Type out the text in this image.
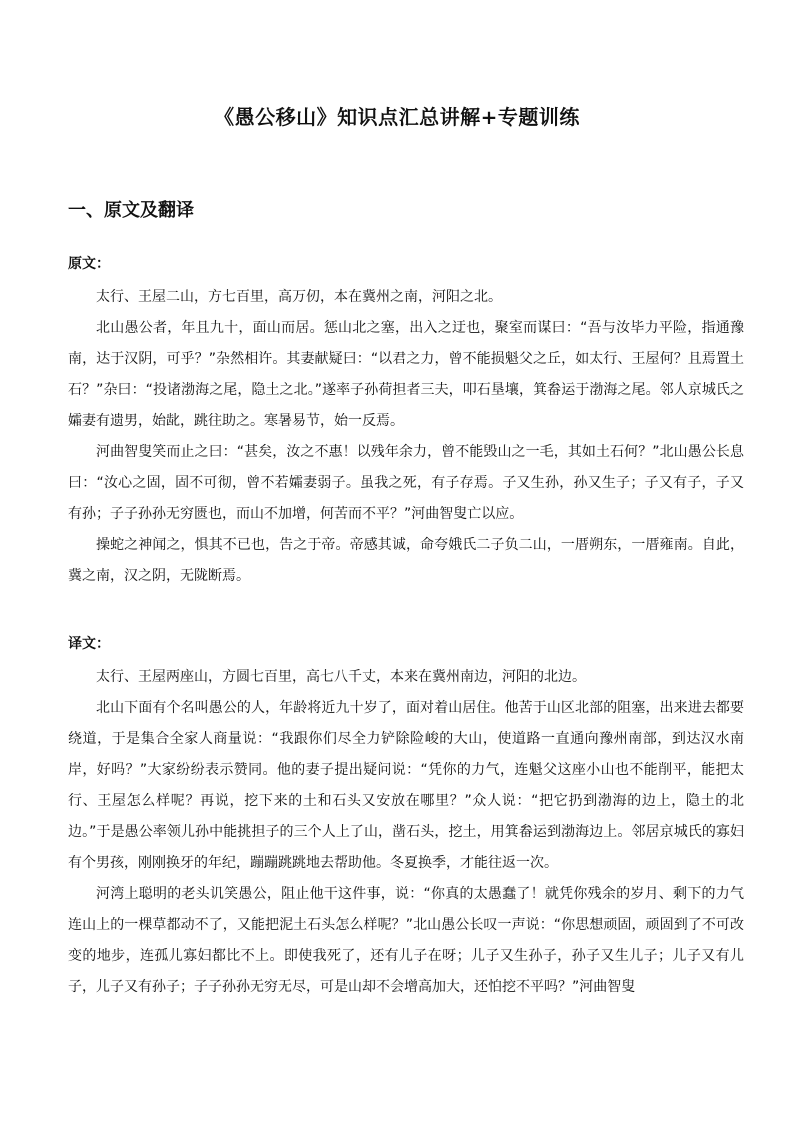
《愚公移山》知识点汇总讲解+专题训练
一、原文及翻译

原文：

太行、王屋二山，方七百里，高万仞，本在冀州之南，河阳之北。

北山愚公者，年且九十，面山而居。惩山北之塞，出入之迂也，聚室而谋曰：“吾与汝毕力平险，指通豫南，达于汉阴，可乎？”杂然相许。其妻献疑曰：“以君之力，曾不能损魁父之丘，如太行、王屋何？且焉置土石？”杂曰：“投诸渤海之尾，隐土之北。”遂率子孙荷担者三夫，叩石垦壤，箕畚运于渤海之尾。邻人京城氏之孀妻有遗男，始龀，跳往助之。寒暑易节，始一反焉。

河曲智叟笑而止之曰：“甚矣，汝之不惠！以残年余力，曾不能毁山之一毛，其如土石何？”北山愚公长息曰：“汝心之固，固不可彻，曾不若孀妻弱子。虽我之死，有子存焉。子又生孙，孙又生子；子又有子，子又有孙；子子孙孙无穷匮也，而山不加增，何苦而不平？”河曲智叟亡以应。

操蛇之神闻之，惧其不已也，告之于帝。帝感其诚，命夸娥氏二子负二山，一厝朔东，一厝雍南。自此，冀之南，汉之阴，无陇断焉。

译文：

太行、王屋两座山，方圆七百里，高七八千丈，本来在冀州南边，河阳的北边。

北山下面有个名叫愚公的人，年龄将近九十岁了，面对着山居住。他苦于山区北部的阻塞，出来进去都要绕道，于是集合全家人商量说：“我跟你们尽全力铲除险峻的大山，使道路一直通向豫州南部，到达汉水南岸，好吗？”大家纷纷表示赞同。他的妻子提出疑问说：“凭你的力气，连魁父这座小山也不能削平，能把太行、王屋怎么样呢？再说，挖下来的土和石头又安放在哪里？”众人说：“把它扔到渤海的边上，隐土的北边。”于是愚公率领儿孙中能挑担子的三个人上了山，凿石头，挖土，用箕畚运到渤海边上。邻居京城氏的寡妇有个男孩，刚刚换牙的年纪，蹦蹦跳跳地去帮助他。冬夏换季，才能往返一次。

河湾上聪明的老头讥笑愚公，阻止他干这件事，说：“你真的太愚蠢了！就凭你残余的岁月、剩下的力气连山上的一棵草都动不了，又能把泥土石头怎么样呢？”北山愚公长叹一声说：“你思想顽固，顽固到了不可改变的地步，连孤儿寡妇都比不上。即使我死了，还有儿子在呀；儿子又生孙子，孙子又生儿子；儿子又有儿子，儿子又有孙子；子子孙孙无穷无尽，可是山却不会增高加大，还怕挖不平吗？”河曲智叟
